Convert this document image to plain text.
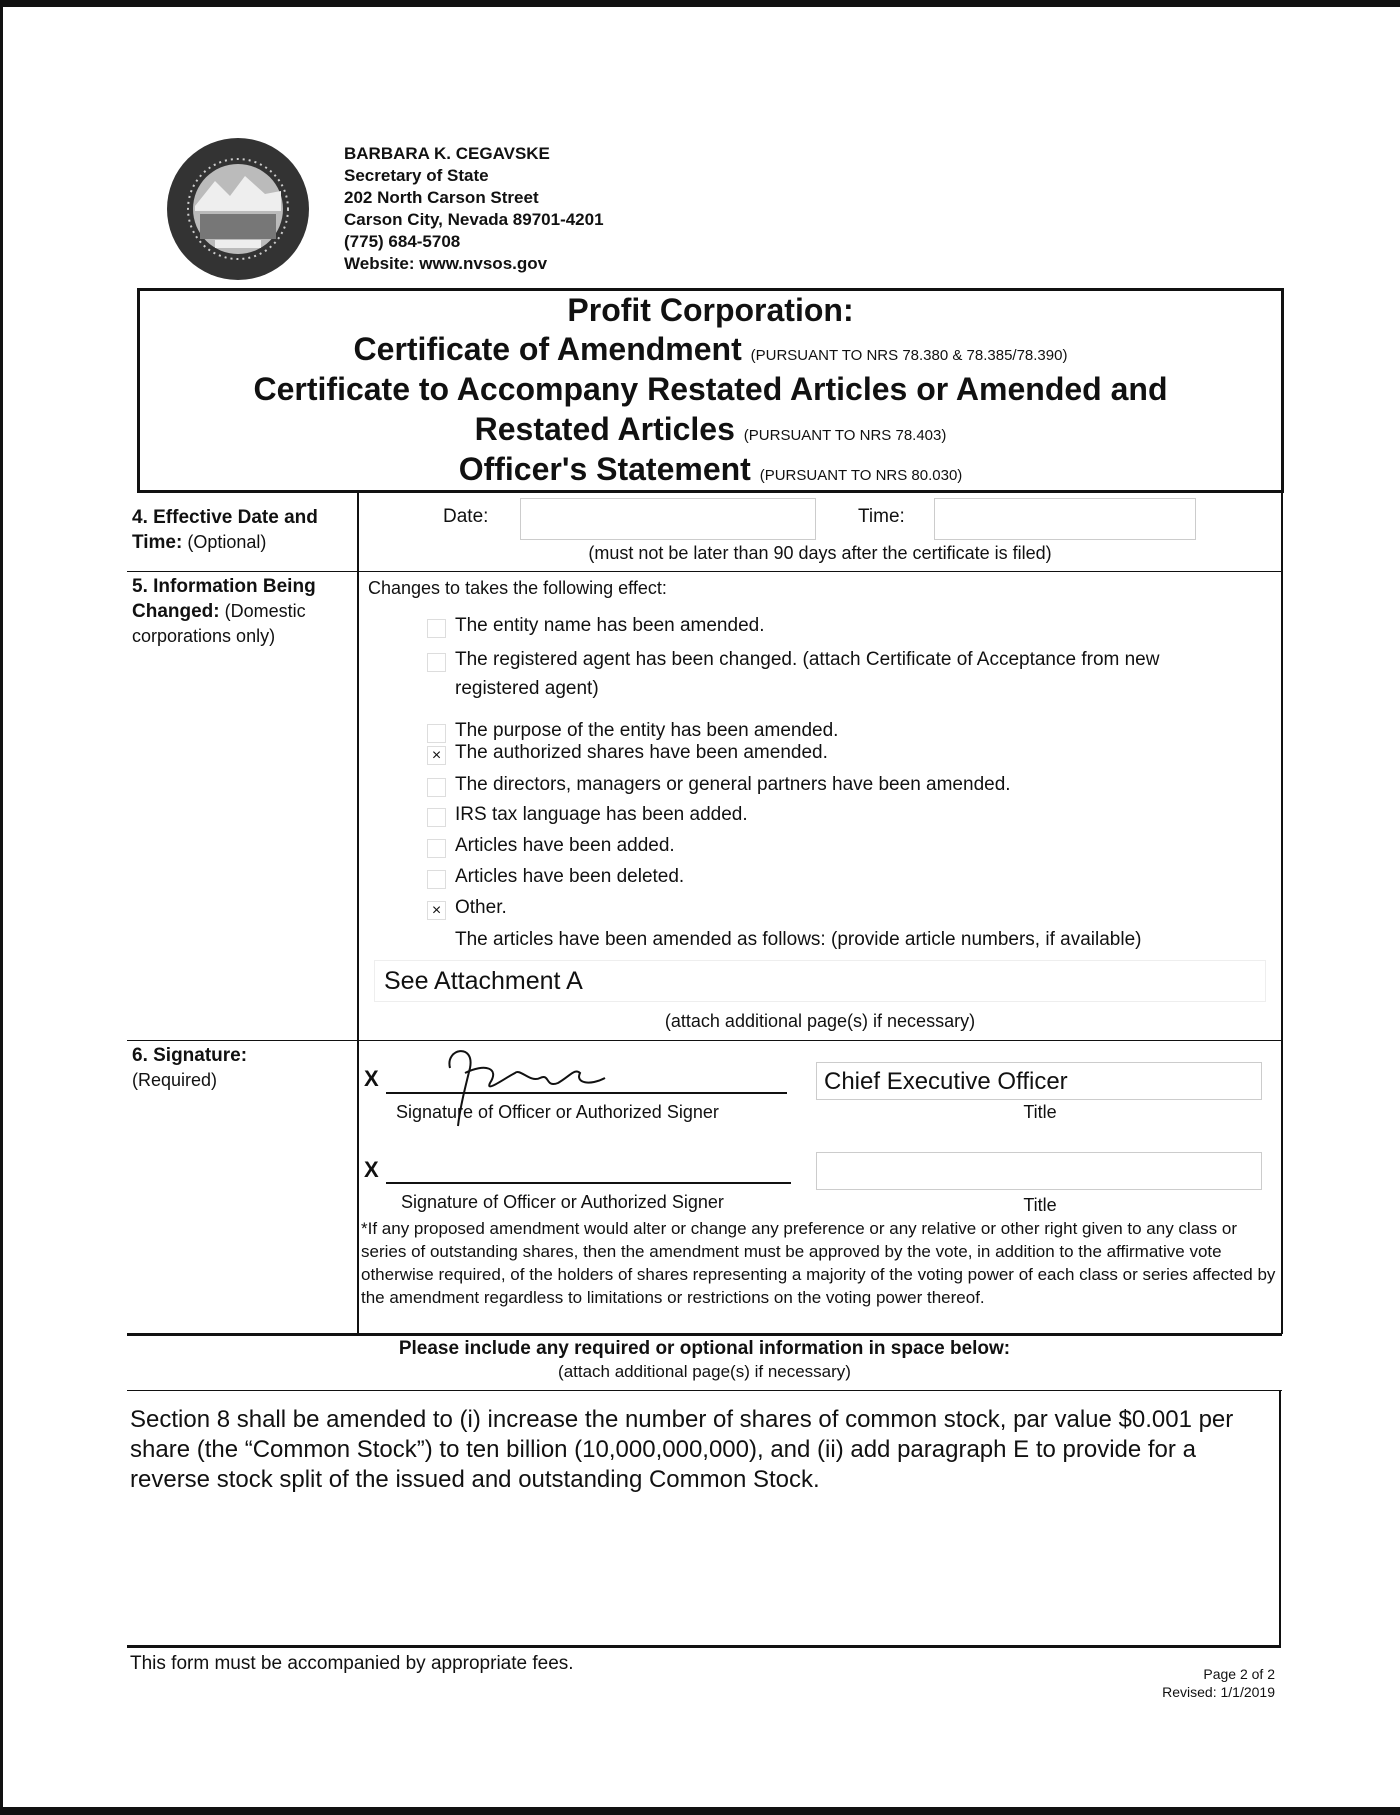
BARBARA K. CEGAVSKE
Secretary of State
202 North Carson Street
Carson City, Nevada 89701-4201
(775) 684-5708
Website: www.nvsos.gov
Profit Corporation:
Certificate of Amendment (PURSUANT TO NRS 78.380 & 78.385/78.390)
Certificate to Accompany Restated Articles or Amended and
Restated Articles (PURSUANT TO NRS 78.403)
Officer's Statement (PURSUANT TO NRS 80.030)
4. Effective Date and
Time: (Optional)
Date:	Time:
(must not be later than 90 days after the certificate is filed)
5. Information Being
Changed: (Domestic
corporations only)
Changes to takes the following effect:
The entity name has been amended.
The registered agent has been changed. (attach Certificate of Acceptance from new
registered agent)
The purpose of the entity has been amended.
× The authorized shares have been amended.
The directors, managers or general partners have been amended.
IRS tax language has been added.
Articles have been added.
Articles have been deleted.
× Other.
The articles have been amended as follows: (provide article numbers, if available)
See Attachment A
(attach additional page(s) if necessary)
6. Signature:
(Required)	X
Signature of Officer or Authorized Signer
Chief Executive Officer
Title
X
Signature of Officer or Authorized Signer	Title
*If any proposed amendment would alter or change any preference or any relative or other right given to any class or series of outstanding shares, then the amendment must be approved by the vote, in addition to the affirmative vote otherwise required, of the holders of shares representing a majority of the voting power of each class or series affected by the amendment regardless to limitations or restrictions on the voting power thereof.
Please include any required or optional information in space below:
(attach additional page(s) if necessary)
Section 8 shall be amended to (i) increase the number of shares of common stock, par value $0.001 per share (the “Common Stock”) to ten billion (10,000,000,000), and (ii) add paragraph E to provide for a reverse stock split of the issued and outstanding Common Stock.
This form must be accompanied by appropriate fees.	Page 2 of 2
Revised: 1/1/2019
